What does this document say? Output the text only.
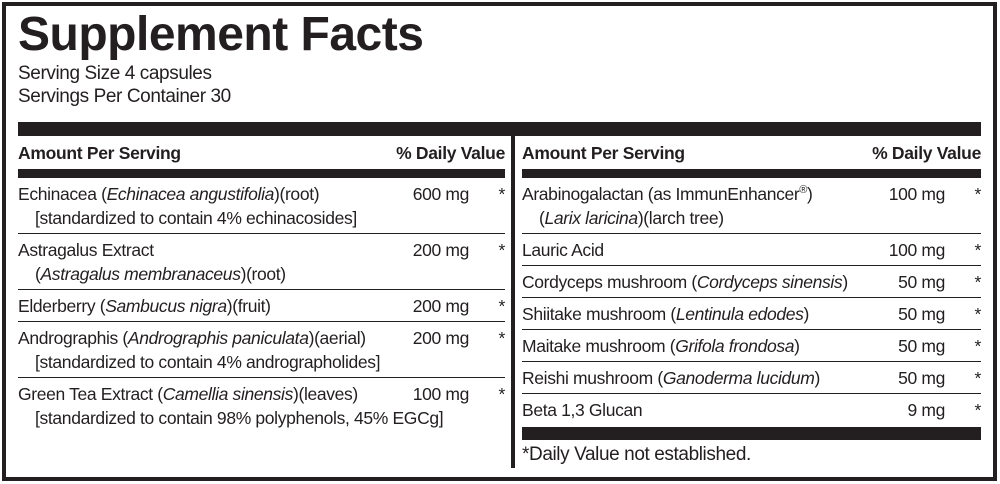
Supplement Facts
Serving Size 4 capsules
Servings Per Container 30
Amount Per Serving	% Daily Value
Echinacea (Echinacea angustifolia)(root)	600 mg	*
[standardized to contain 4% echinacosides]
Astragalus Extract	200 mg	*
(Astragalus membranaceus)(root)
Elderberry (Sambucus nigra)(fruit)	200 mg	*
Andrographis (Andrographis paniculata)(aerial)	200 mg	*
[standardized to contain 4% andrographolides]
Green Tea Extract (Camellia sinensis)(leaves)	100 mg	*
[standardized to contain 98% polyphenols, 45% EGCg]
Amount Per Serving	% Daily Value
Arabinogalactan (as ImmunEnhancer®)	100 mg	*
(Larix laricina)(larch tree)
Lauric Acid	100 mg	*
Cordyceps mushroom (Cordyceps sinensis)	50 mg	*
Shiitake mushroom (Lentinula edodes)	50 mg	*
Maitake mushroom (Grifola frondosa)	50 mg	*
Reishi mushroom (Ganoderma lucidum)	50 mg	*
Beta 1,3 Glucan	9 mg	*
*Daily Value not established.
